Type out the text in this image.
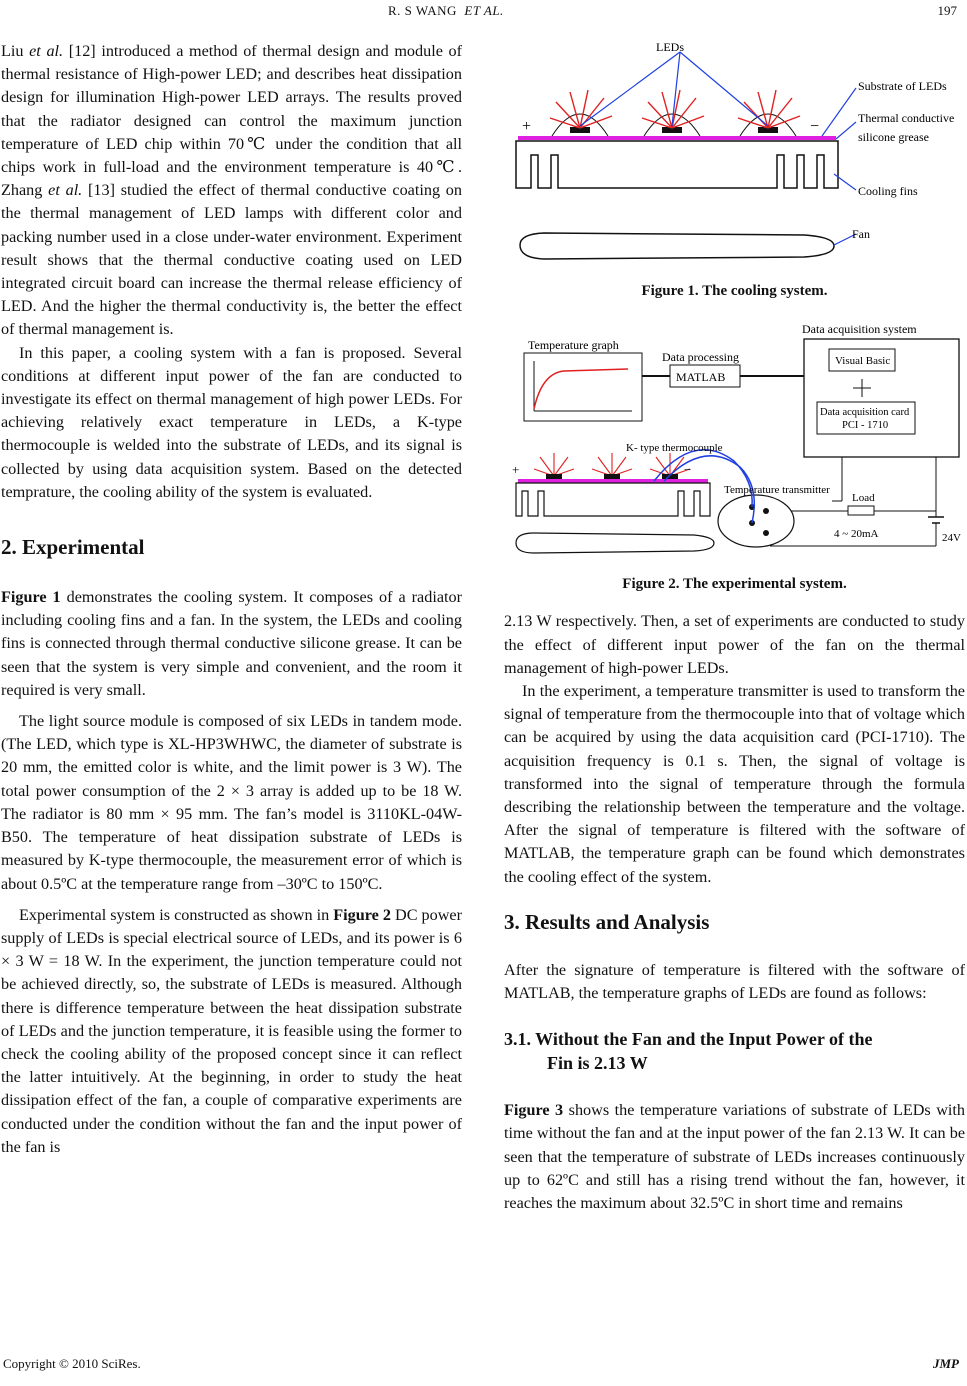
R. S WANG ET AL.	197

Liu et al. [12] introduced a method of thermal design and module of thermal resistance of High-power LED; and describes heat dissipation design for illumination High-power LED arrays. The results proved that the radiator designed can control the maximum junction temperature of LED chip within 70℃ under the condition that all chips work in full-load and the environment temperature is 40℃. Zhang et al. [13] studied the effect of thermal conductive coating on the thermal management of LED lamps with different color and packing number used in a close under-water environment. Experiment result shows that the thermal conductive coating used on LED integrated circuit board can increase the thermal release efficiency of LED. And the higher the thermal conductivity is, the better the effect of thermal management is.

In this paper, a cooling system with a fan is proposed. Several conditions at different input power of the fan are conducted to investigate its effect on thermal management of high power LEDs. For achieving relatively exact temperature in LEDs, a K-type thermocouple is welded into the substrate of LEDs, and its signal is collected by using data acquisition system. Based on the detected temprature, the cooling ability of the system is evaluated.

2. Experimental

Figure 1 demonstrates the cooling system. It composes of a radiator including cooling fins and a fan. In the system, the LEDs and cooling fins is connected through thermal conductive silicone grease. It can be seen that the system is very simple and convenient, and the room it required is very small.

The light source module is composed of six LEDs in tandem mode. (The LED, which type is XL-HP3WHWC, the diameter of substrate is 20 mm, the emitted color is white, and the limit power is 3 W). The total power consumption of the 2 × 3 array is added up to be 18 W. The radiator is 80 mm × 95 mm. The fan’s model is 3110KL-04W-B50. The temperature of heat dissipation substrate of LEDs is measured by K-type thermocouple, the measurement error of which is about 0.5ºC at the temperature range from –30ºC to 150ºC.

Experimental system is constructed as shown in Figure 2 DC power supply of LEDs is special electrical source of LEDs, and its power is 6 × 3 W = 18 W. In the experiment, the junction temperature could not be achieved directly, so, the substrate of LEDs is measured. Although there is difference temperature between the heat dissipation substrate of LEDs and the junction temperature, it is feasible using the former to check the cooling ability of the proposed concept since it can reflect the latter intuitively. At the beginning, in order to study the heat dissipation effect of the fan, a couple of comparative experiments are conducted under the condition without the fan and the input power of the fan is

+	−
LEDs
Substrate of LEDs
Thermal conductive
silicone grease
Cooling fins
Fan
Figure 1. The cooling system.
+	−
Data acquisition system
Temperature graph
Data processing
MATLAB
Visual Basic
Data acquisition card
PCI - 1710
K- type thermocouple
Temperature transmitter
Load
4 ~ 20mA	24V
Figure 2. The experimental system.

2.13 W respectively. Then, a set of experiments are conducted to study the effect of different input power of the fan on the thermal management of high-power LEDs.

In the experiment, a temperature transmitter is used to transform the signal of temperature from the thermocouple into that of voltage which can be acquired by using the data acquisition card (PCI-1710). The acquisition frequency is 0.1 s. Then, the signal of voltage is transformed into the signal of temperature through the formula describing the relationship between the temperature and the voltage. After the signal of temperature is filtered with the software of MATLAB, the temperature graph can be found which demonstrates the cooling effect of the system.

3. Results and Analysis

After the signature of temperature is filtered with the software of MATLAB, the temperature graphs of LEDs are found as follows:

3.1. Without the Fan and the Input Power of the
Fin is 2.13 W

Figure 3 shows the temperature variations of substrate of LEDs with time without the fan and at the input power of the fan 2.13 W. It can be seen that the temperature of substrate of LEDs increases continuously up to 62ºC and still has a rising trend without the fan, however, it reaches the maximum about 32.5ºC in short time and remains

Copyright © 2010 SciRes.	JMP
